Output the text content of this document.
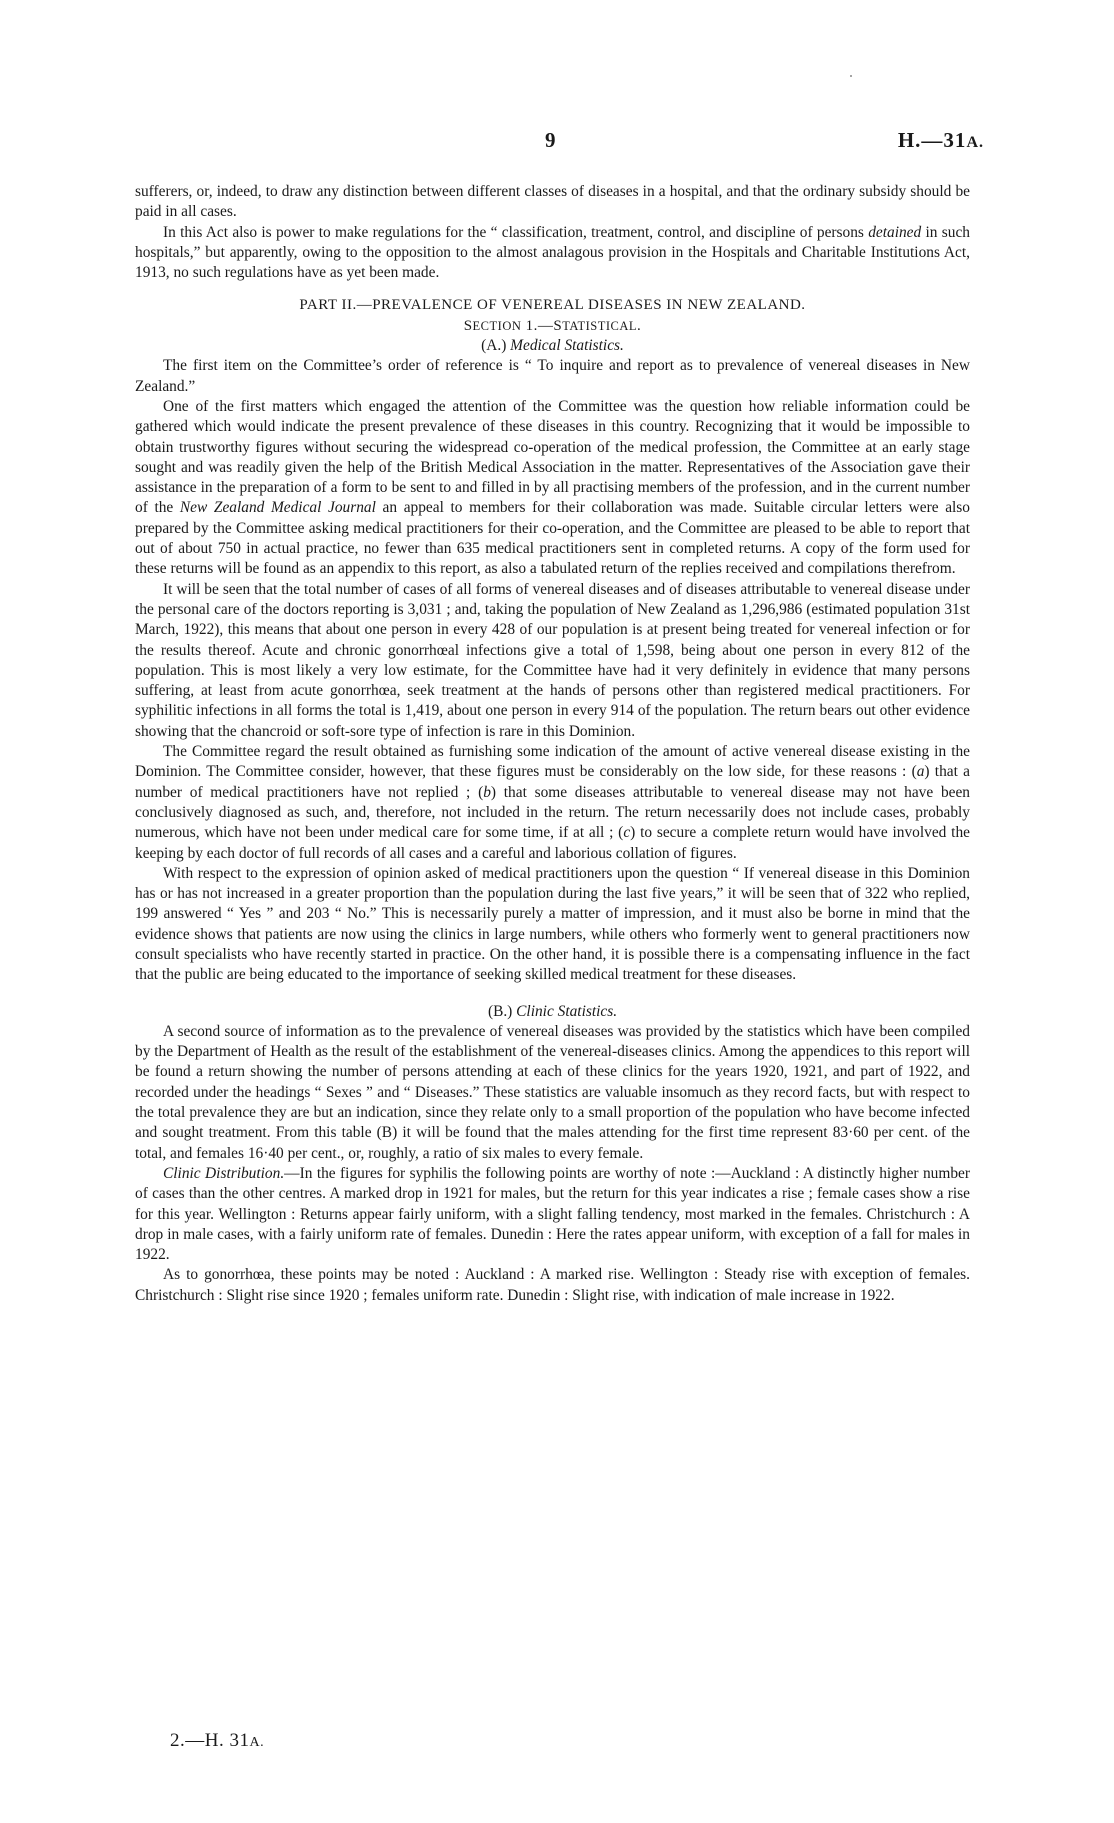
9	H.—31A.

sufferers, or, indeed, to draw any distinction between different classes of diseases in a hospital, and that the ordinary subsidy should be paid in all cases.

In this Act also is power to make regulations for the “ classification, treatment, control, and discipline of persons detained in such hospitals,” but apparently, owing to the opposition to the almost analagous provision in the Hospitals and Charitable Institutions Act, 1913, no such regulations have as yet been made.

PART II.—PREVALENCE OF VENEREAL DISEASES IN NEW ZEALAND.

SECTION 1.—STATISTICAL.

(A.) Medical Statistics.

The first item on the Committee’s order of reference is “ To inquire and report as to prevalence of venereal diseases in New Zealand.”

One of the first matters which engaged the attention of the Committee was the question how reliable information could be gathered which would indicate the present prevalence of these diseases in this country. Recognizing that it would be impossible to obtain trustworthy figures without securing the widespread co-operation of the medical profession, the Committee at an early stage sought and was readily given the help of the British Medical Association in the matter. Representatives of the Association gave their assistance in the preparation of a form to be sent to and filled in by all practising members of the profession, and in the current number of the New Zealand Medical Journal an appeal to members for their collaboration was made. Suitable circular letters were also prepared by the Committee asking medical practitioners for their co-operation, and the Committee are pleased to be able to report that out of about 750 in actual practice, no fewer than 635 medical practitioners sent in completed returns. A copy of the form used for these returns will be found as an appendix to this report, as also a tabulated return of the replies received and compilations therefrom.

It will be seen that the total number of cases of all forms of venereal diseases and of diseases attributable to venereal disease under the personal care of the doctors reporting is 3,031 ; and, taking the population of New Zealand as 1,296,986 (estimated population 31st March, 1922), this means that about one person in every 428 of our population is at present being treated for venereal infection or for the results thereof. Acute and chronic gonorrhœal infections give a total of 1,598, being about one person in every 812 of the population. This is most likely a very low estimate, for the Committee have had it very definitely in evidence that many persons suffering, at least from acute gonorrhœa, seek treatment at the hands of persons other than registered medical practitioners. For syphilitic infections in all forms the total is 1,419, about one person in every 914 of the population. The return bears out other evidence showing that the chancroid or soft-sore type of infection is rare in this Dominion.

The Committee regard the result obtained as furnishing some indication of the amount of active venereal disease existing in the Dominion. The Committee consider, however, that these figures must be considerably on the low side, for these reasons : (a) that a number of medical practitioners have not replied ; (b) that some diseases attributable to venereal disease may not have been conclusively diagnosed as such, and, therefore, not included in the return. The return necessarily does not include cases, probably numerous, which have not been under medical care for some time, if at all ; (c) to secure a complete return would have involved the keeping by each doctor of full records of all cases and a careful and laborious collation of figures.

With respect to the expression of opinion asked of medical practitioners upon the question “ If venereal disease in this Dominion has or has not increased in a greater proportion than the population during the last five years,” it will be seen that of 322 who replied, 199 answered “ Yes ” and 203 “ No.” This is necessarily purely a matter of impression, and it must also be borne in mind that the evidence shows that patients are now using the clinics in large numbers, while others who formerly went to general practitioners now consult specialists who have recently started in practice. On the other hand, it is possible there is a compensating influence in the fact that the public are being educated to the importance of seeking skilled medical treatment for these diseases.

(B.) Clinic Statistics.

A second source of information as to the prevalence of venereal diseases was provided by the statistics which have been compiled by the Department of Health as the result of the establishment of the venereal-diseases clinics. Among the appendices to this report will be found a return showing the number of persons attending at each of these clinics for the years 1920, 1921, and part of 1922, and recorded under the headings “ Sexes ” and “ Diseases.” These statistics are valuable insomuch as they record facts, but with respect to the total prevalence they are but an indication, since they relate only to a small proportion of the population who have become infected and sought treatment. From this table (B) it will be found that the males attending for the first time represent 83·60 per cent. of the total, and females 16·40 per cent., or, roughly, a ratio of six males to every female.

Clinic Distribution.—In the figures for syphilis the following points are worthy of note :—Auckland : A distinctly higher number of cases than the other centres. A marked drop in 1921 for males, but the return for this year indicates a rise ; female cases show a rise for this year. Wellington : Returns appear fairly uniform, with a slight falling tendency, most marked in the females. Christchurch : A drop in male cases, with a fairly uniform rate of females. Dunedin : Here the rates appear uniform, with exception of a fall for males in 1922.

As to gonorrhœa, these points may be noted : Auckland : A marked rise. Wellington : Steady rise with exception of females. Christchurch : Slight rise since 1920 ; females uniform rate. Dunedin : Slight rise, with indication of male increase in 1922.

2.—H. 31A.
